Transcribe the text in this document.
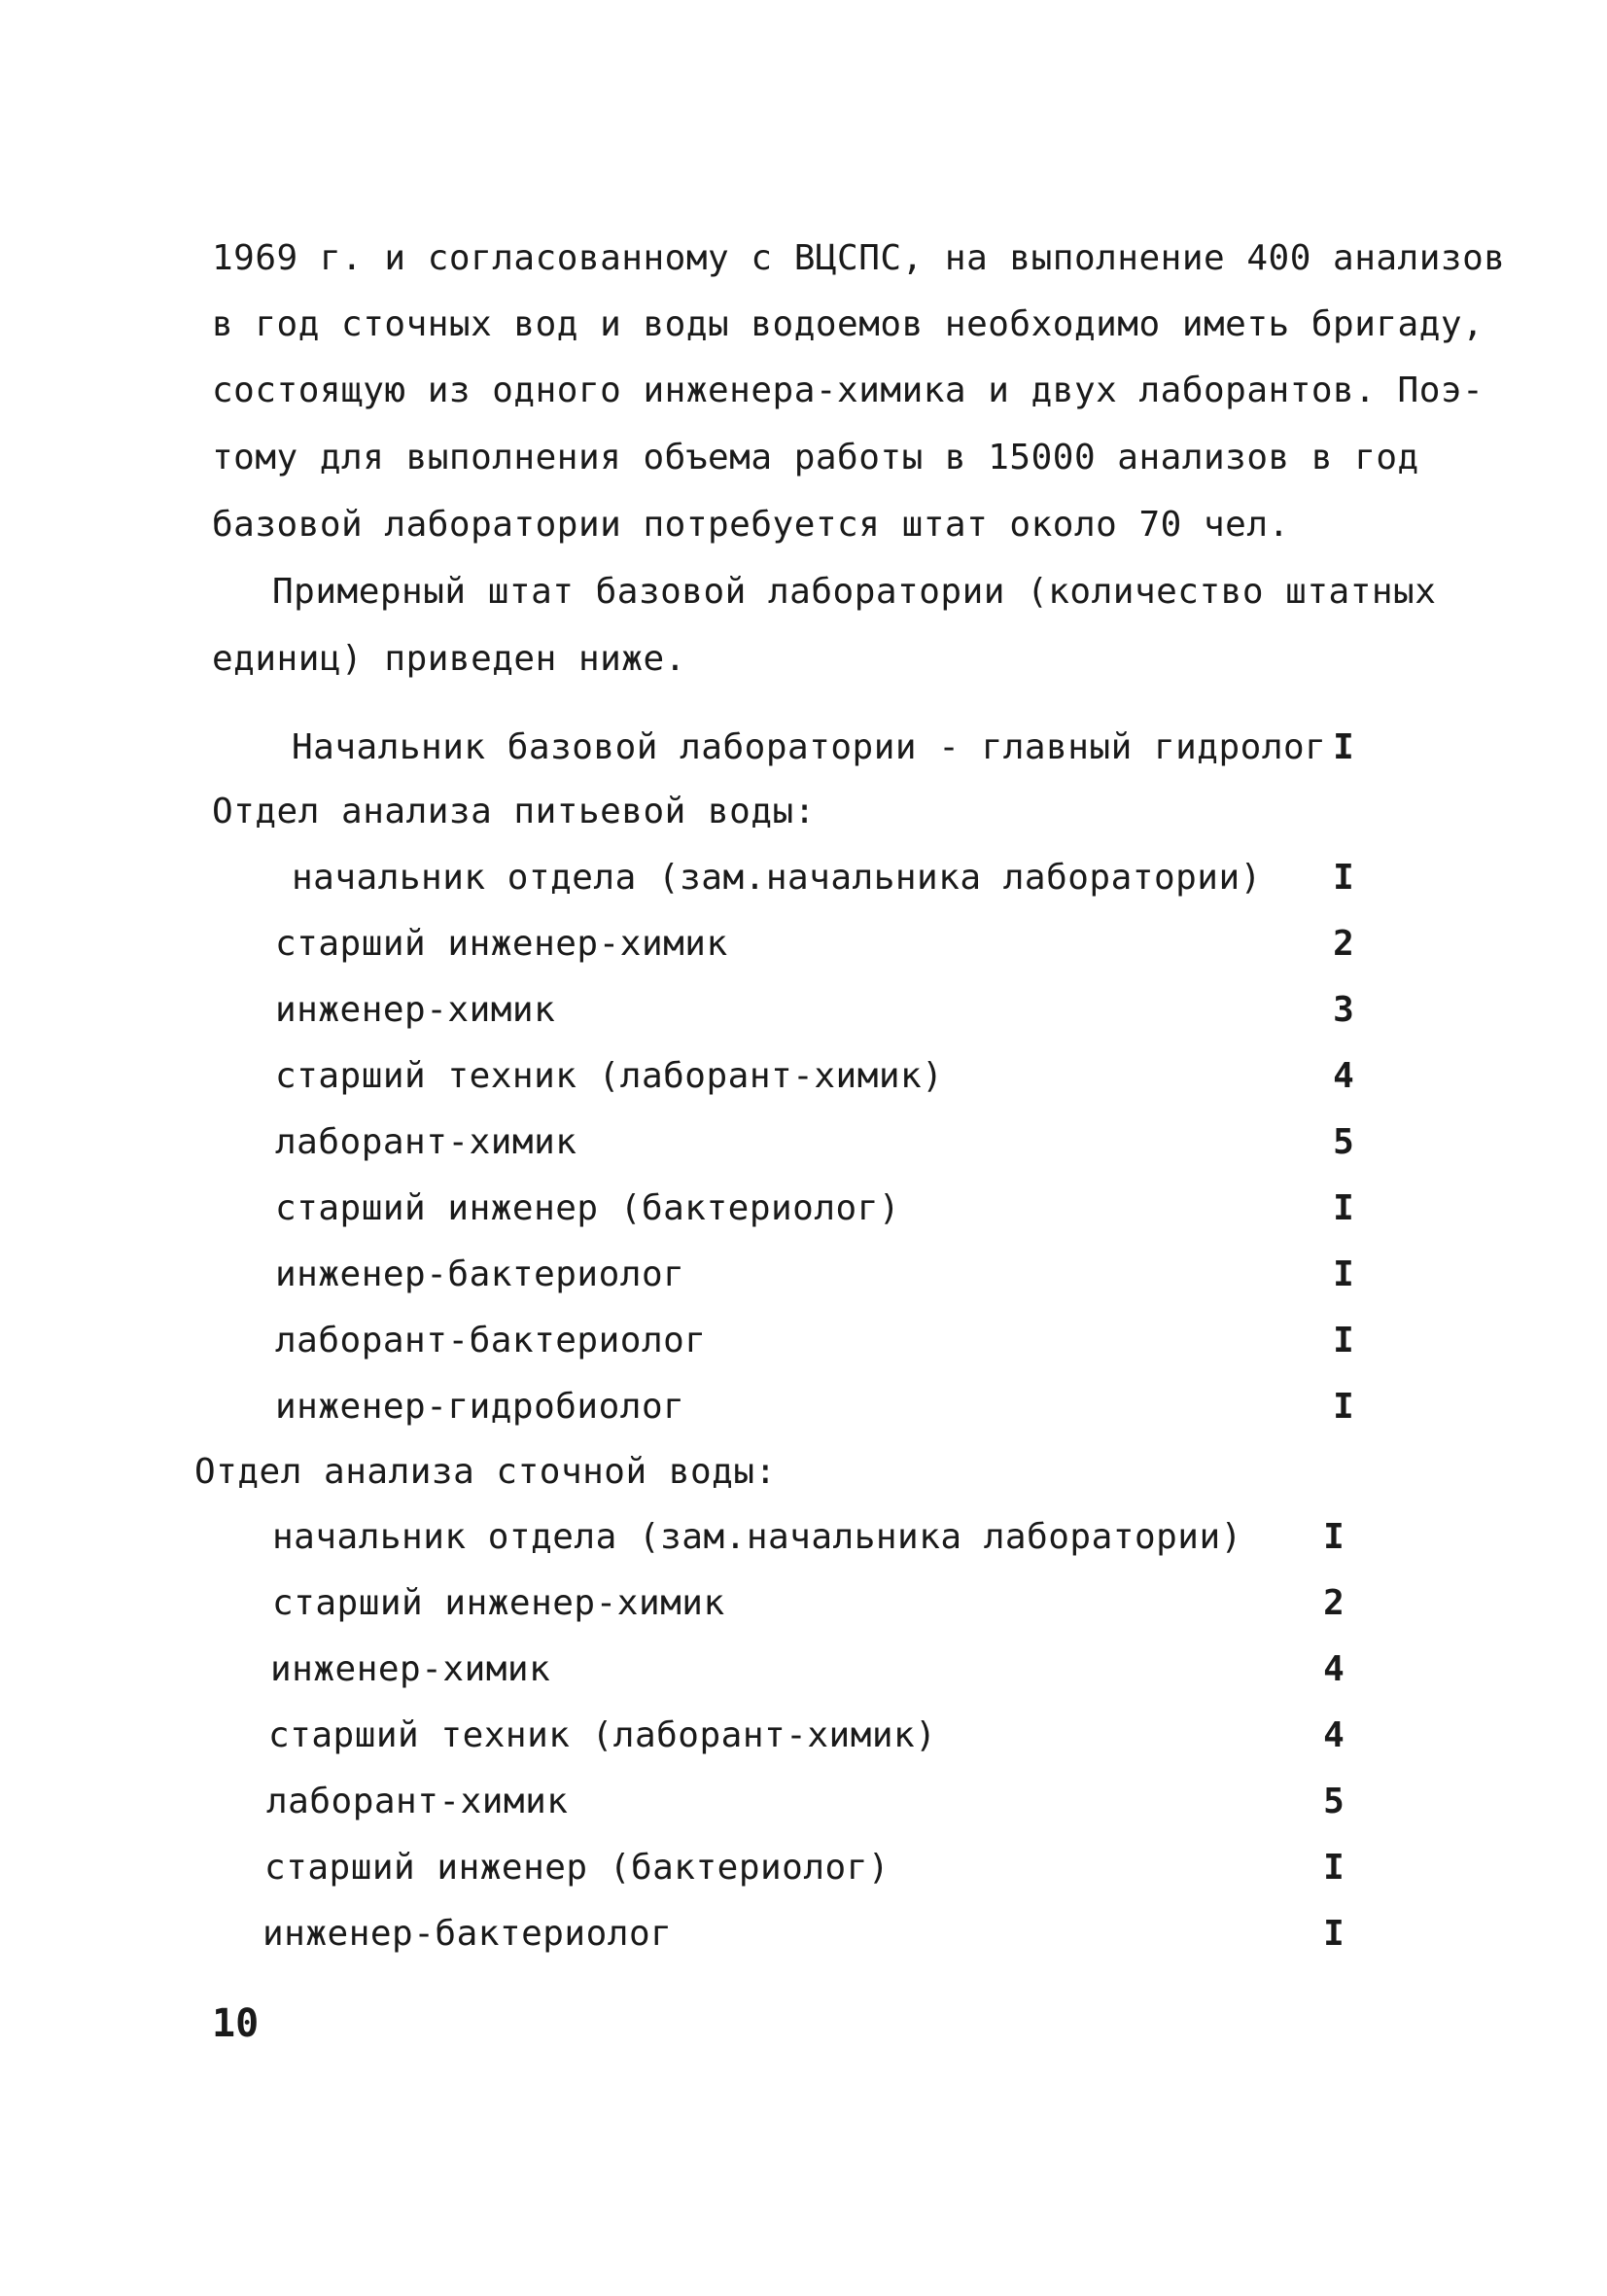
1969 г. и согласованному с ВЦСПС, на выполнение 400 анализов
в год сточных вод и воды водоемов необходимо иметь бригаду,
состоящую из одного инженера-химика и двух лаборантов. Поэ-
тому для выполнения объема работы в 15000 анализов в год
базовой лаборатории потребуется штат около 70 чел.
Примерный штат базовой лаборатории (количество штатных
единиц) приведен ниже.
Начальник базовой лаборатории - главный гидролог I
Отдел анализа питьевой воды:
начальник отдела (зам.начальника лаборатории) I
старший инженер-химик	2
инженер-химик	3
старший техник (лаборант-химик)	4
лаборант-химик	5
старший инженер (бактериолог)	I
инженер-бактериолог	I
лаборант-бактериолог	I
инженер-гидробиолог	I
Отдел анализа сточной воды:
начальник отдела (зам.начальника лаборатории) I
старший инженер-химик	2
инженер-химик	4
старший техник (лаборант-химик)	4
лаборант-химик	5
старший инженер (бактериолог)	I
инженер-бактериолог	I
10
